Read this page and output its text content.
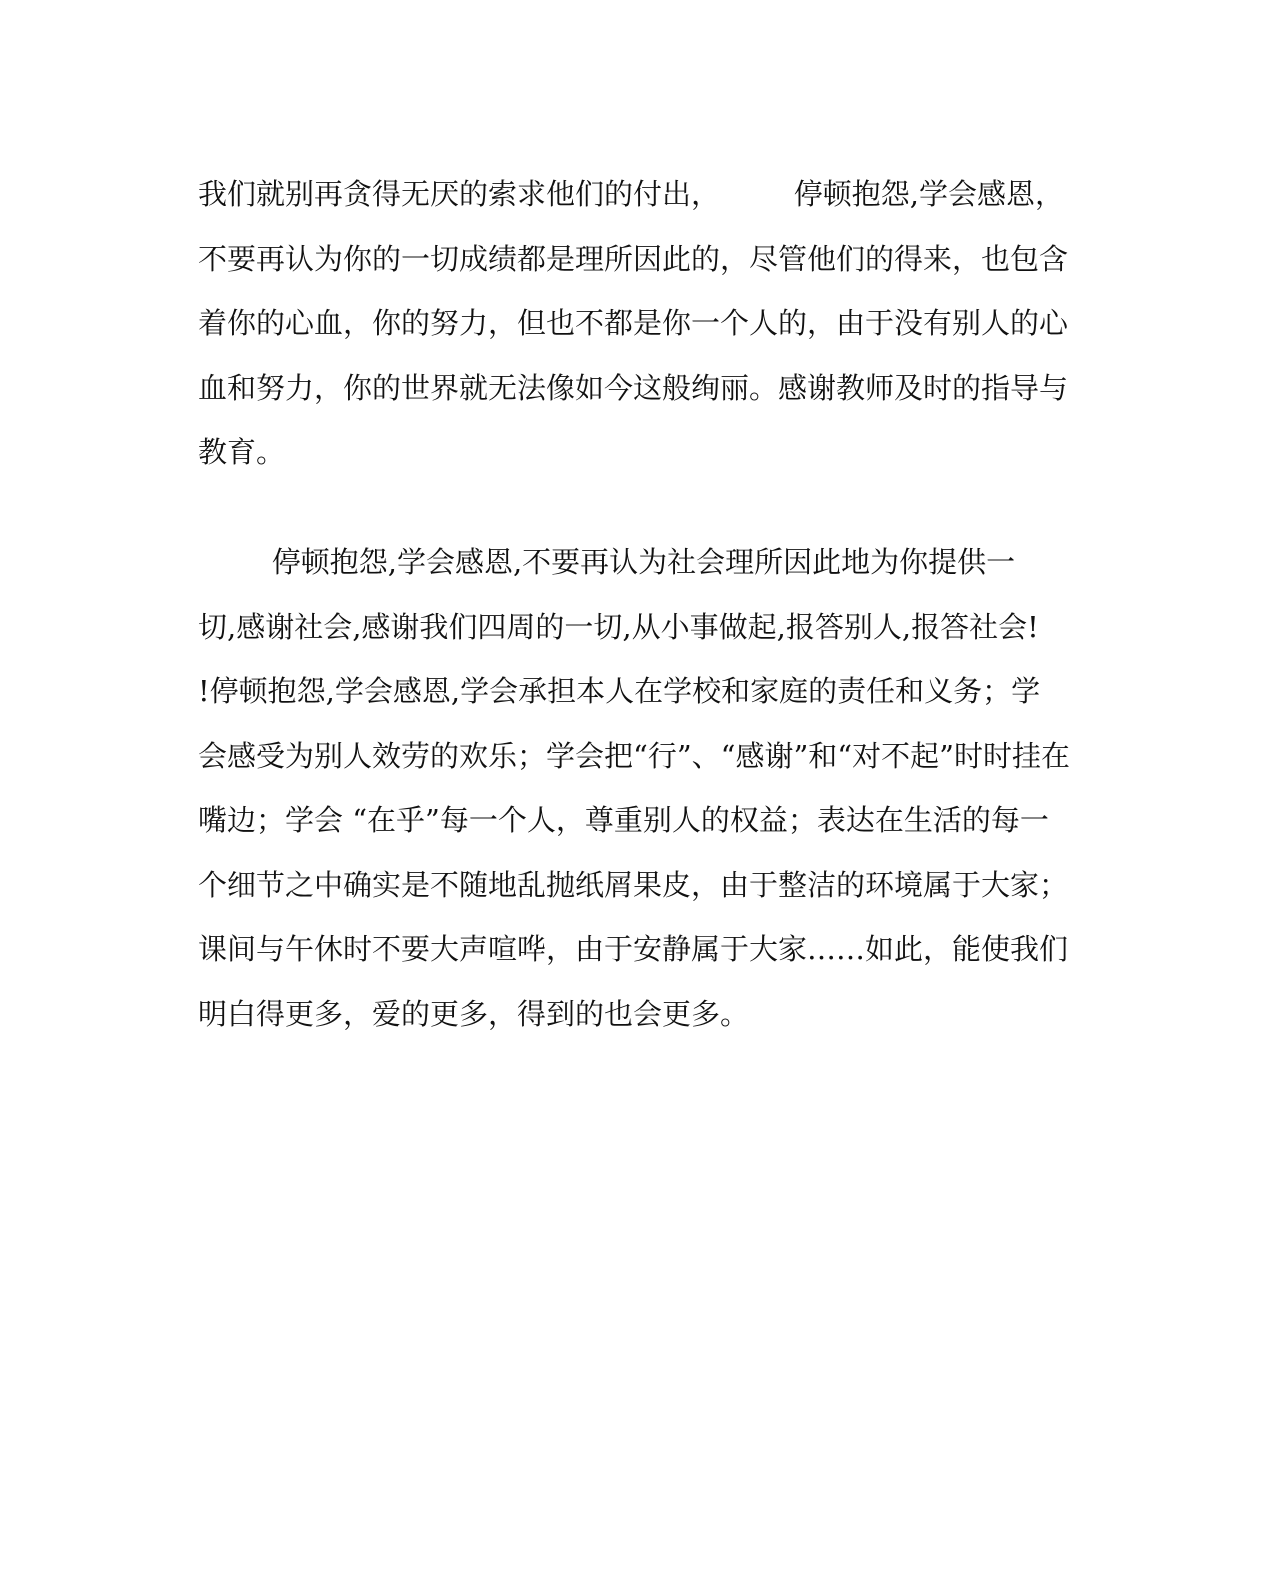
我们就别再贪得无厌的索求他们的付出，        停顿抱怨,学会感恩，
不要再认为你的一切成绩都是理所因此的，尽管他们的得来，也包含
着你的心血，你的努力，但也不都是你一个人的，由于没有别人的心
血和努力，你的世界就无法像如今这般绚丽。感谢教师及时的指导与
教育。
停顿抱怨,学会感恩,不要再认为社会理所因此地为你提供一
切,感谢社会,感谢我们四周的一切,从小事做起,报答别人,报答社会!
!停顿抱怨,学会感恩,学会承担本人在学校和家庭的责任和义务；学
会感受为别人效劳的欢乐；学会把“行”、“感谢”和“对不起”时时挂在
嘴边；学会 “在乎”每一个人，尊重别人的权益；表达在生活的每一
个细节之中确实是不随地乱抛纸屑果皮，由于整洁的环境属于大家；
课间与午休时不要大声喧哗，由于安静属于大家……如此，能使我们
明白得更多，爱的更多，得到的也会更多。
